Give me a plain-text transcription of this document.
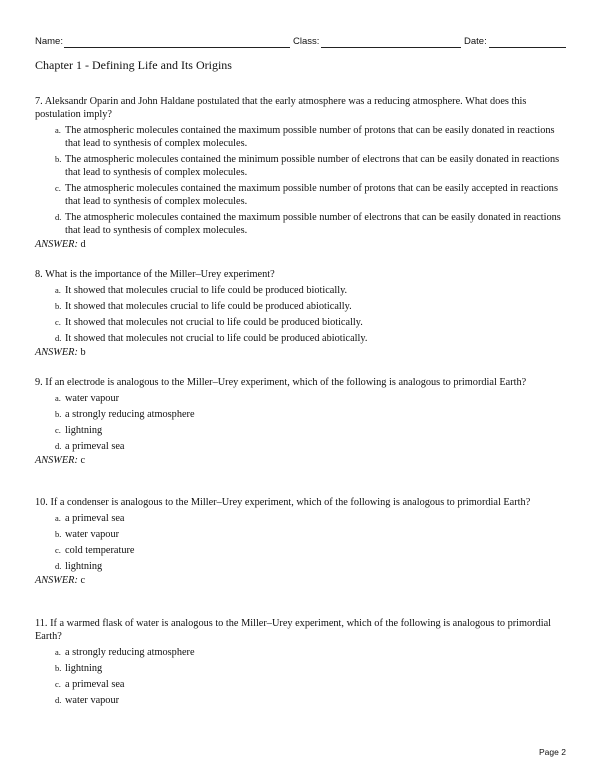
Name:	Class:	Date:
Chapter 1 - Defining Life and Its Origins

7. Aleksandr Oparin and John Haldane postulated that the early atmosphere was a reducing atmosphere. What does this postulation imply?

a. The atmospheric molecules contained the maximum possible number of protons that can be easily donated in reactions that lead to synthesis of complex molecules.
b. The atmospheric molecules contained the minimum possible number of electrons that can be easily donated in reactions that lead to synthesis of complex molecules.
c. The atmospheric molecules contained the maximum possible number of protons that can be easily accepted in reactions that lead to synthesis of complex molecules.
d. The atmospheric molecules contained the maximum possible number of electrons that can be easily donated in reactions that lead to synthesis of complex molecules.
ANSWER: d

8. What is the importance of the Miller–Urey experiment?

a. It showed that molecules crucial to life could be produced biotically.
b. It showed that molecules crucial to life could be produced abiotically.
c. It showed that molecules not crucial to life could be produced biotically.
d. It showed that molecules not crucial to life could be produced abiotically.
ANSWER: b

9. If an electrode is analogous to the Miller–Urey experiment, which of the following is analogous to primordial Earth?

a. water vapour
b. a strongly reducing atmosphere
c. lightning
d. a primeval sea
ANSWER: c

10. If a condenser is analogous to the Miller–Urey experiment, which of the following is analogous to primordial Earth?

a. a primeval sea
b. water vapour
c. cold temperature
d. lightning
ANSWER: c

11. If a warmed flask of water is analogous to the Miller–Urey experiment, which of the following is analogous to primordial Earth?

a. a strongly reducing atmosphere
b. lightning
c. a primeval sea
d. water vapour
Page 2
